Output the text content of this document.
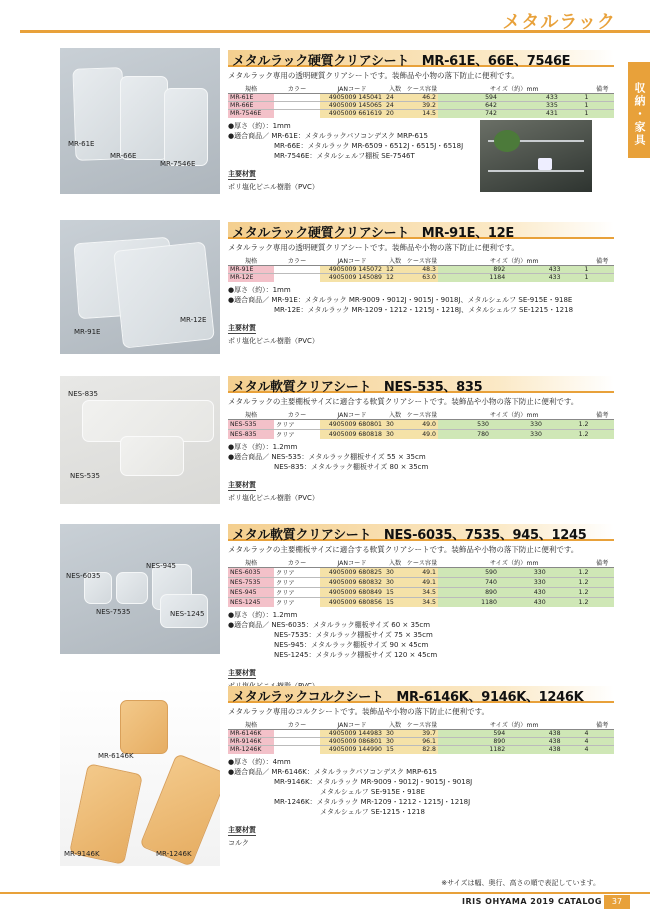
メタルラック
収納・家具
MR-61E
MR-66E
MR-7546E
メタルラック硬質クリアシート　MR-61E、66E、7546E
メタルラック専用の透明硬質クリアシートです。装飾品や小物の落下防止に便利です。
規格	カラー	JANコード	入数	ケース容量	サイズ（約）mm			備考
MR-61E		4905009 145041	24	46.2	594	433	1	
MR-66E		4905009 145065	24	39.2	642	335	1	
MR-7546E		4905009 661619	20	14.5	742	431	1	
●厚さ（約）：1mm
●適合商品／ MR-61E：メタルラックパソコンデスク MRP-615
MR-66E：メタルラック MR-6509・6512J・6515J・6518J
MR-7546E：メタルシェルフ棚板 SE-7546T
主要材質
ポリ塩化ビニル樹脂（PVC）
MR-91E
MR-12E
メタルラック硬質クリアシート　MR-91E、12E
メタルラック専用の透明硬質クリアシートです。装飾品や小物の落下防止に便利です。
規格	カラー	JANコード	入数	ケース容量	サイズ（約）mm			備考
MR-91E		4905009 145072	12	48.3	892	433	1	
MR-12E		4905009 145089	12	63.0	1184	433	1	
●厚さ（約）：1mm
●適合商品／ MR-91E：メタルラック MR-9009・9012J・9015J・9018J、メタルシェルフ SE-915E・918E
MR-12E：メタルラック MR-1209・1212・1215J・1218J、メタルシェルフ SE-1215・1218
主要材質
ポリ塩化ビニル樹脂（PVC）
NES-835
NES-535
メタル軟質クリアシート　NES-535、835
メタルラックの主要棚板サイズに適合する軟質クリアシートです。装飾品や小物の落下防止に便利です。
規格	カラー	JANコード	入数	ケース容量	サイズ（約）mm			備考
NES-535	クリア	4905009 680801	30	49.0	530	330	1.2	
NES-835	クリア	4905009 680818	30	49.0	780	330	1.2	
●厚さ（約）：1.2mm
●適合商品／ NES-535：メタルラック棚板サイズ 55 × 35cm
NES-835：メタルラック棚板サイズ 80 × 35cm
主要材質
ポリ塩化ビニル樹脂（PVC）
NES-6035
NES-945
NES-7535	NES-1245
メタル軟質クリアシート　NES-6035、7535、945、1245
メタルラックの主要棚板サイズに適合する軟質クリアシートです。装飾品や小物の落下防止に便利です。
規格	カラー	JANコード	入数	ケース容量	サイズ（約）mm			備考
NES-6035	クリア	4905009 680825	30	49.1	590	330	1.2	
NES-7535	クリア	4905009 680832	30	49.1	740	330	1.2	
NES-945	クリア	4905009 680849	15	34.5	890	430	1.2	
NES-1245	クリア	4905009 680856	15	34.5	1180	430	1.2	
●厚さ（約）：1.2mm
●適合商品／ NES-6035：メタルラック棚板サイズ 60 × 35cm
NES-7535：メタルラック棚板サイズ 75 × 35cm
NES-945：メタルラック棚板サイズ 90 × 45cm
NES-1245：メタルラック棚板サイズ 120 × 45cm
主要材質
MR-6146K
MR-9146K	MR-1246K
メタルラックコルクシート　MR-6146K、9146K、1246K
メタルラック専用のコルクシートです。装飾品や小物の落下防止に便利です。
規格	カラー	JANコード	入数	ケース容量	サイズ（約）mm			備考
MR-6146K		4905009 144983	30	39.7	594	438	4	
MR-9146K		4905009 086801	30	96.1	890	438	4	
MR-1246K		4905009 144990	15	82.8	1182	438	4	
●厚さ（約）：4mm
●適合商品／ MR-6146K：メタルラックパソコンデスク MRP-615
MR-9146K：メタルラック MR-9009・9012J・9015J・9018J
メタルシェルフ SE-915E・918E
MR-1246K：メタルラック MR-1209・1212・1215J・1218J
メタルシェルフ SE-1215・1218
主要材質
コルク
※サイズは幅、奥行、高さの順で表記しています。
IRIS OHYAMA 2019 CATALOG	37
